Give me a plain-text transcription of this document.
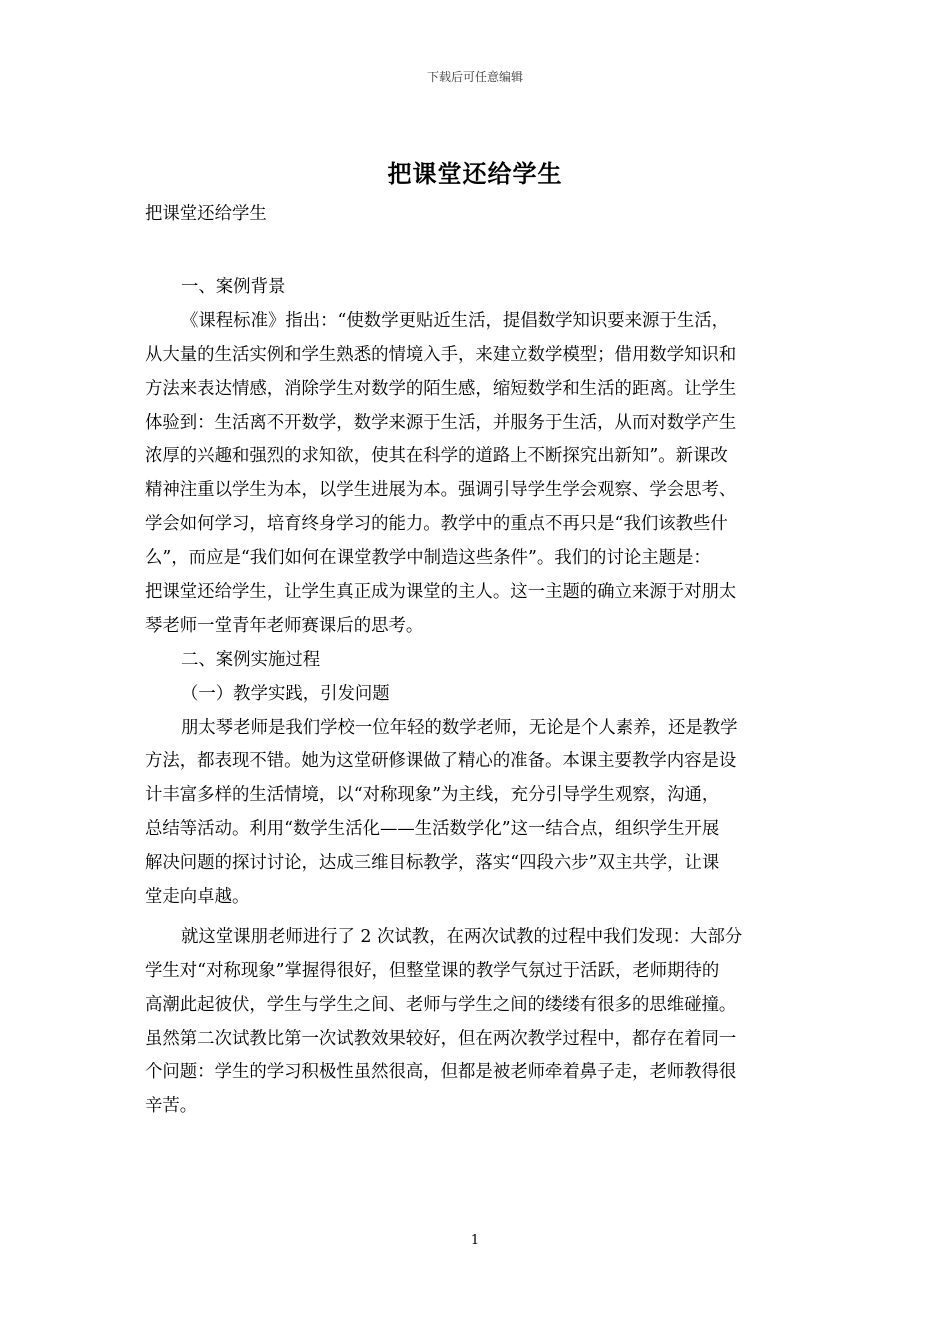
下载后可任意编辑
把课堂还给学生
把课堂还给学生
一、案例背景
《课程标准》指出：“使数学更贴近生活，提倡数学知识要来源于生活，
从大量的生活实例和学生熟悉的情境入手，来建立数学模型；借用数学知识和
方法来表达情感，消除学生对数学的陌生感，缩短数学和生活的距离。让学生
体验到：生活离不开数学，数学来源于生活，并服务于生活，从而对数学产生
浓厚的兴趣和强烈的求知欲，使其在科学的道路上不断探究出新知”。新课改
精神注重以学生为本，以学生进展为本。强调引导学生学会观察、学会思考、
学会如何学习，培育终身学习的能力。教学中的重点不再只是“我们该教些什
么”，而应是“我们如何在课堂教学中制造这些条件”。我们的讨论主题是：
把课堂还给学生，让学生真正成为课堂的主人。这一主题的确立来源于对朋太
琴老师一堂青年老师赛课后的思考。
二、案例实施过程
（一）教学实践，引发问题
朋太琴老师是我们学校一位年轻的数学老师，无论是个人素养，还是教学
方法，都表现不错。她为这堂研修课做了精心的准备。本课主要教学内容是设
计丰富多样的生活情境，以“对称现象”为主线，充分引导学生观察，沟通，
总结等活动。利用“数学生活化——生活数学化”这一结合点，组织学生开展
解决问题的探讨讨论，达成三维目标教学，落实“四段六步”双主共学，让课
堂走向卓越。
就这堂课朋老师进行了 2 次试教，在两次试教的过程中我们发现：大部分
学生对“对称现象”掌握得很好，但整堂课的教学气氛过于活跃，老师期待的
高潮此起彼伏，学生与学生之间、老师与学生之间的缕缕有很多的思维碰撞。
虽然第二次试教比第一次试教效果较好，但在两次教学过程中，都存在着同一
个问题：学生的学习积极性虽然很高，但都是被老师牵着鼻子走，老师教得很
辛苦。
1
